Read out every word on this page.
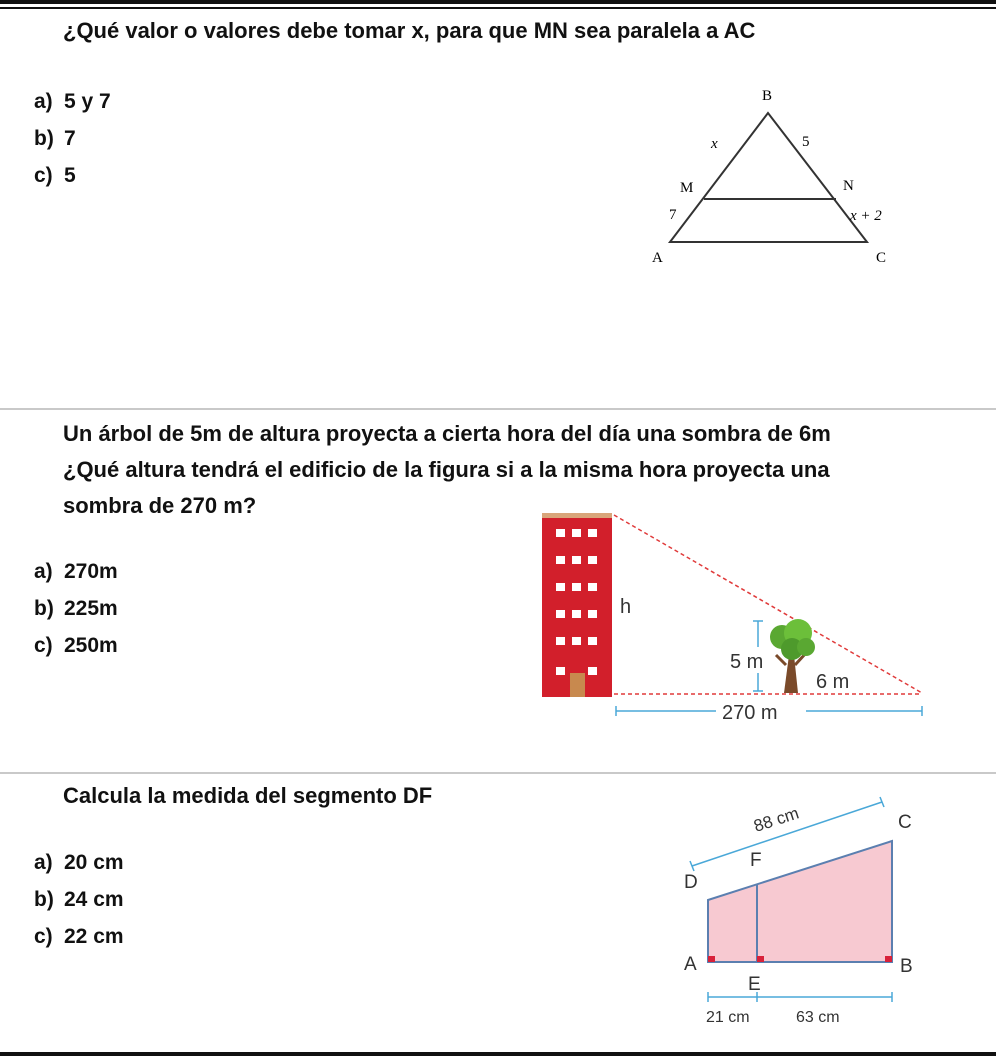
¿Qué valor o valores debe tomar x, para que MN sea paralela a AC
a) 5 y 7
b) 7
c) 5
B
x	5
M	N
7	x + 2
A	C
Un árbol de 5m de altura proyecta a cierta hora del día una sombra de 6m
¿Qué altura tendrá el edificio de la figura si a la misma hora proyecta una
sombra de 270 m?
a) 270m
b) 225m
c) 250m
h
5 m
6 m
270 m
Calcula la medida del segmento DF
a) 20 cm
b) 24 cm
c) 22 cm
88 cm	C
F
D
A
E
B
21 cm	63 cm
